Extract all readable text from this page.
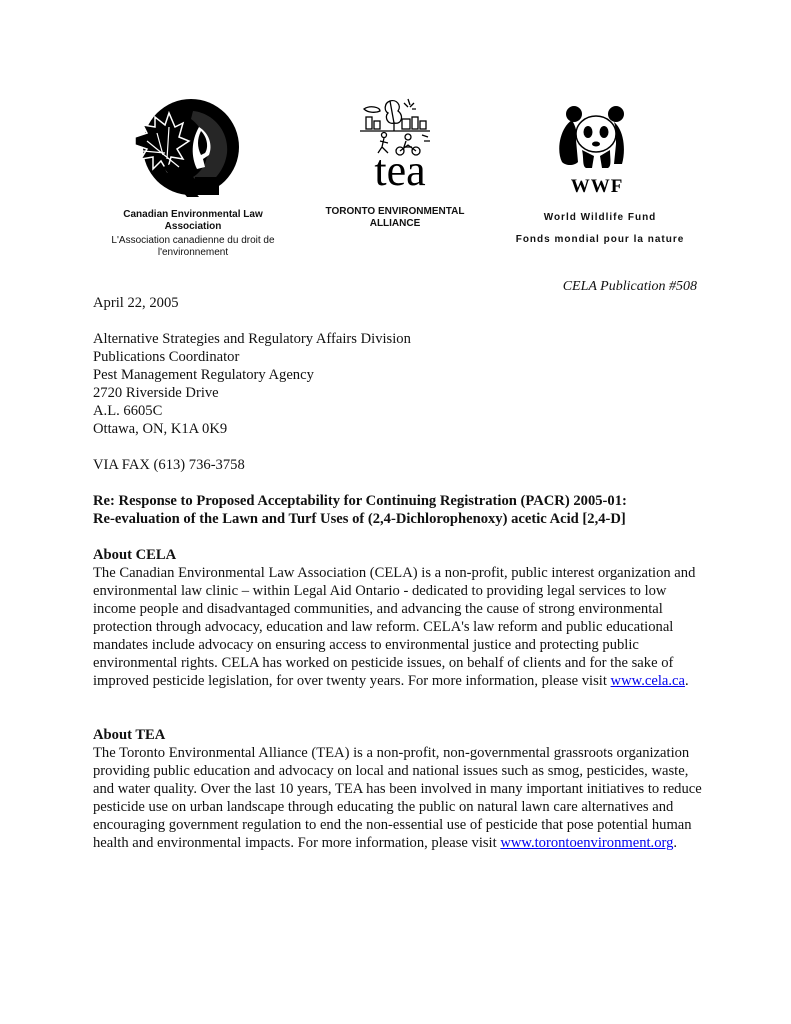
Canadian Environmental Law Association
L'Association canadienne du droit de l'environnement
tea
TORONTO ENVIRONMENTAL ALLIANCE
WWF
World Wildlife Fund
Fonds mondial pour la nature
CELA Publication #508
April 22, 2005
Alternative Strategies and Regulatory Affairs Division
Publications Coordinator
Pest Management Regulatory Agency
2720 Riverside Drive
A.L. 6605C
Ottawa, ON, K1A 0K9
VIA FAX (613) 736-3758
Re: Response to Proposed Acceptability for Continuing Registration (PACR) 2005-01:
Re-evaluation of the Lawn and Turf Uses of (2,4-Dichlorophenoxy) acetic Acid [2,4-D]
About CELA
The Canadian Environmental Law Association (CELA) is a non-profit, public interest organization and environmental law clinic – within Legal Aid Ontario - dedicated to providing legal services to low income people and disadvantaged communities, and advancing the cause of strong environmental protection through advocacy, education and law reform. CELA's law reform and public educational mandates include advocacy on ensuring access to environmental justice and protecting public environmental rights. CELA has worked on pesticide issues, on behalf of clients and for the sake of improved pesticide legislation, for over twenty years. For more information, please visit www.cela.ca.
About TEA
The Toronto Environmental Alliance (TEA) is a non-profit, non-governmental grassroots organization providing public education and advocacy on local and national issues such as smog, pesticides, waste, and water quality. Over the last 10 years, TEA has been involved in many important initiatives to reduce pesticide use on urban landscape through educating the public on natural lawn care alternatives and encouraging government regulation to end the non-essential use of pesticide that pose potential human health and environmental impacts. For more information, please visit www.torontoenvironment.org.
